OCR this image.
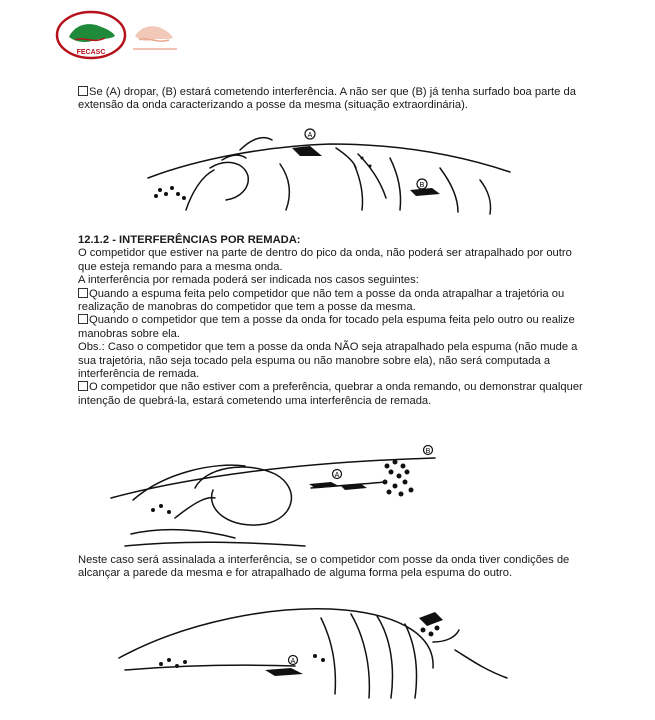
FECASC

Se (A) dropar, (B) estará cometendo interferência. A não ser que (B) já tenha surfado boa parte da extensão da onda caracterizando a posse da mesma (situação extraordinária).

A
B

12.1.2 - INTERFERÊNCIAS POR REMADA:

O competidor que estiver na parte de dentro do pico da onda, não poderá ser atrapalhado por outro que esteja remando para a mesma onda.

A interferência por remada poderá ser indicada nos casos seguintes:

Quando a espuma feita pelo competidor que não tem a posse da onda atrapalhar a trajetória ou realização de manobras do competidor que tem a posse da mesma.

Quando o competidor que tem a posse da onda for tocado pela espuma feita pelo outro ou realize manobras sobre ela.

Obs.: Caso o competidor que tem a posse da onda NÃO seja atrapalhado pela espuma (não mude a sua trajetória, não seja tocado pela espuma ou não manobre sobre ela), não será computada a interferência de remada.

O competidor que não estiver com a preferência, quebrar a onda remando, ou demonstrar qualquer intenção de quebrá-la, estará cometendo uma interferência de remada.

A
B

Neste caso será assinalada a interferência, se o competidor com posse da onda tiver condições de alcançar a parede da mesma e for atrapalhado de alguma forma pela espuma do outro.

A
